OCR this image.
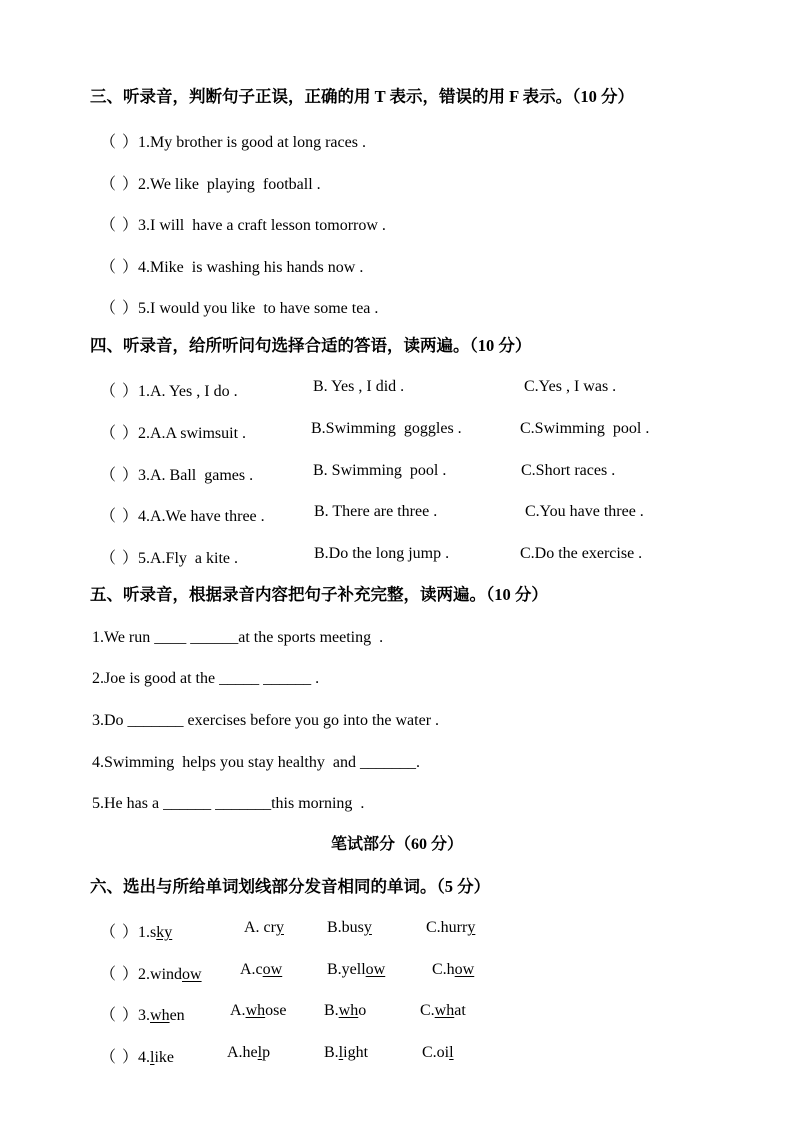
三、听录音，判断句子正误，正确的用 T 表示，错误的用 F 表示。（10 分）
（ ）1.My brother is good at long races .
（ ）2.We like  playing  football .
（ ）3.I will  have a craft lesson tomorrow .
（ ）4.Mike  is washing his hands now .
（ ）5.I would you like  to have some tea .
四、听录音，给所听问句选择合适的答语，读两遍。（10 分）
（ ）1.A. Yes , I do .	B. Yes , I did .	C.Yes , I was .
（ ）2.A.A swimsuit .	B.Swimming  goggles .	C.Swimming  pool .
（ ）3.A. Ball  games .	B. Swimming  pool .	C.Short races .
（ ）4.A.We have three .	B. There are three .	C.You have three .
（ ）5.A.Fly  a kite .	B.Do the long jump .	C.Do the exercise .
五、听录音，根据录音内容把句子补充完整，读两遍。（10 分）
1.We run ____ ______at the sports meeting  .
2.Joe is good at the _____ ______ .
3.Do _______ exercises before you go into the water .
4.Swimming  helps you stay healthy  and _______.
5.He has a ______ _______this morning  .
笔试部分（60 分）
六、选出与所给单词划线部分发音相同的单词。（5 分）
（ ）1.sky	A. cry	B.busy	C.hurry
（ ）2.window A.cow	B.yellow	C.how
（ ）3.when	A.whose B.who	C.what
（ ）4.like	A.help	B.light	C.oil
